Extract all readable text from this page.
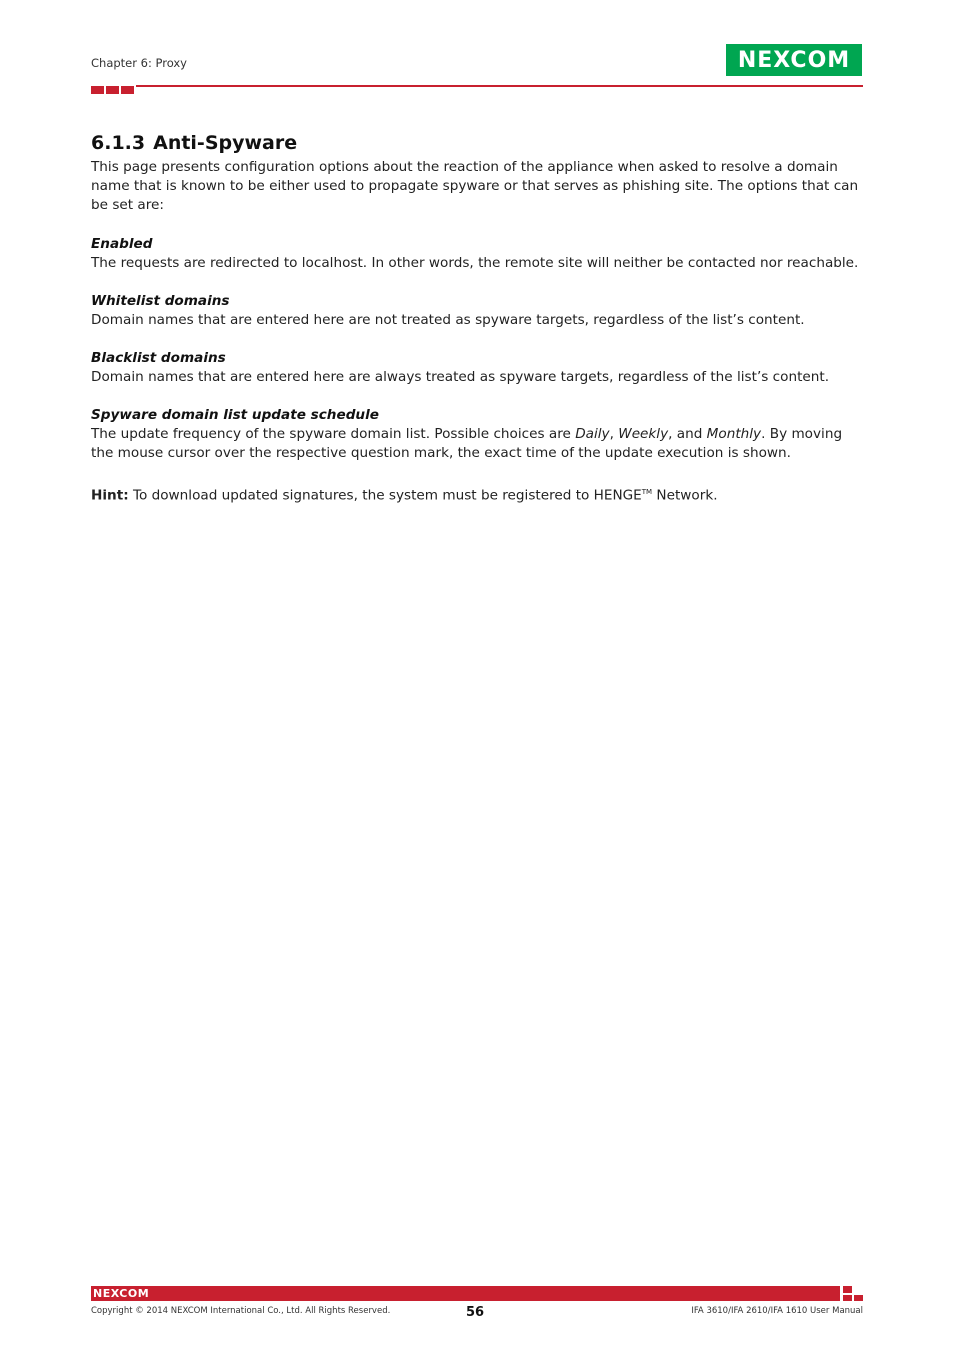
Chapter 6: Proxy	NEXCOM
6.1.3 Anti-Spyware

This page presents configuration options about the reaction of the appliance when asked to resolve a domain name that is known to be either used to propagate spyware or that serves as phishing site. The options that can be set are:

Enabled

The requests are redirected to localhost. In other words, the remote site will neither be contacted nor reachable.

Whitelist domains

Domain names that are entered here are not treated as spyware targets, regardless of the list’s content.

Blacklist domains

Domain names that are entered here are always treated as spyware targets, regardless of the list’s content.

Spyware domain list update schedule

The update frequency of the spyware domain list. Possible choices are Daily, Weekly, and Monthly. By moving the mouse cursor over the respective question mark, the exact time of the update execution is shown.

Hint: To download updated signatures, the system must be registered to HENGE™ Network.

NEXCOM
Copyright © 2014 NEXCOM International Co., Ltd. All Rights Reserved.	56	IFA 3610/IFA 2610/IFA 1610 User Manual
